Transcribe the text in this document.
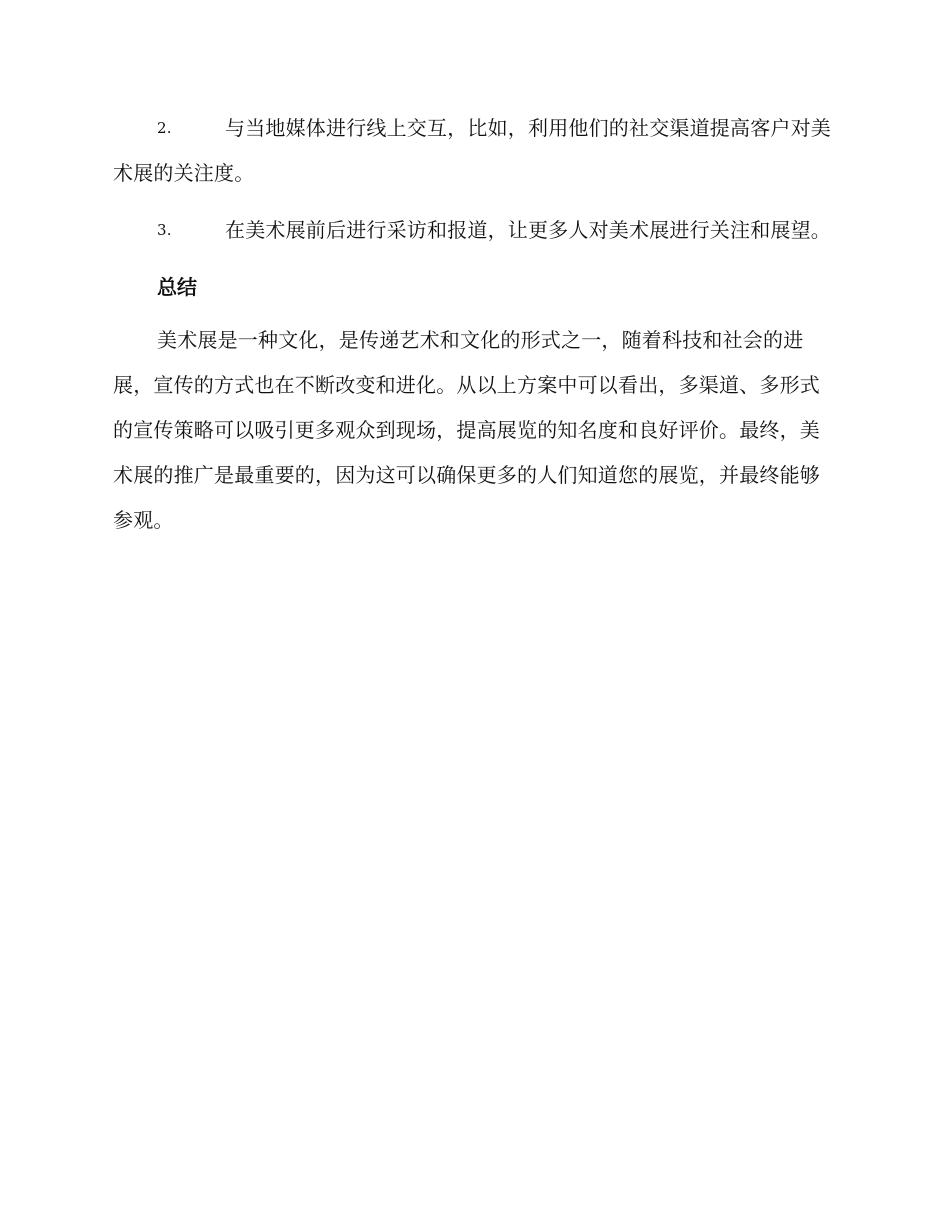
2.	与当地媒体进行线上交互，比如，利用他们的社交渠道提高客户对美术展的关注度。
3.	在美术展前后进行采访和报道，让更多人对美术展进行关注和展望。
总结

美术展是一种文化，是传递艺术和文化的形式之一，随着科技和社会的进展，宣传的方式也在不断改变和进化。从以上方案中可以看出，多渠道、多形式的宣传策略可以吸引更多观众到现场，提高展览的知名度和良好评价。最终，美术展的推广是最重要的，因为这可以确保更多的人们知道您的展览，并最终能够参观。
